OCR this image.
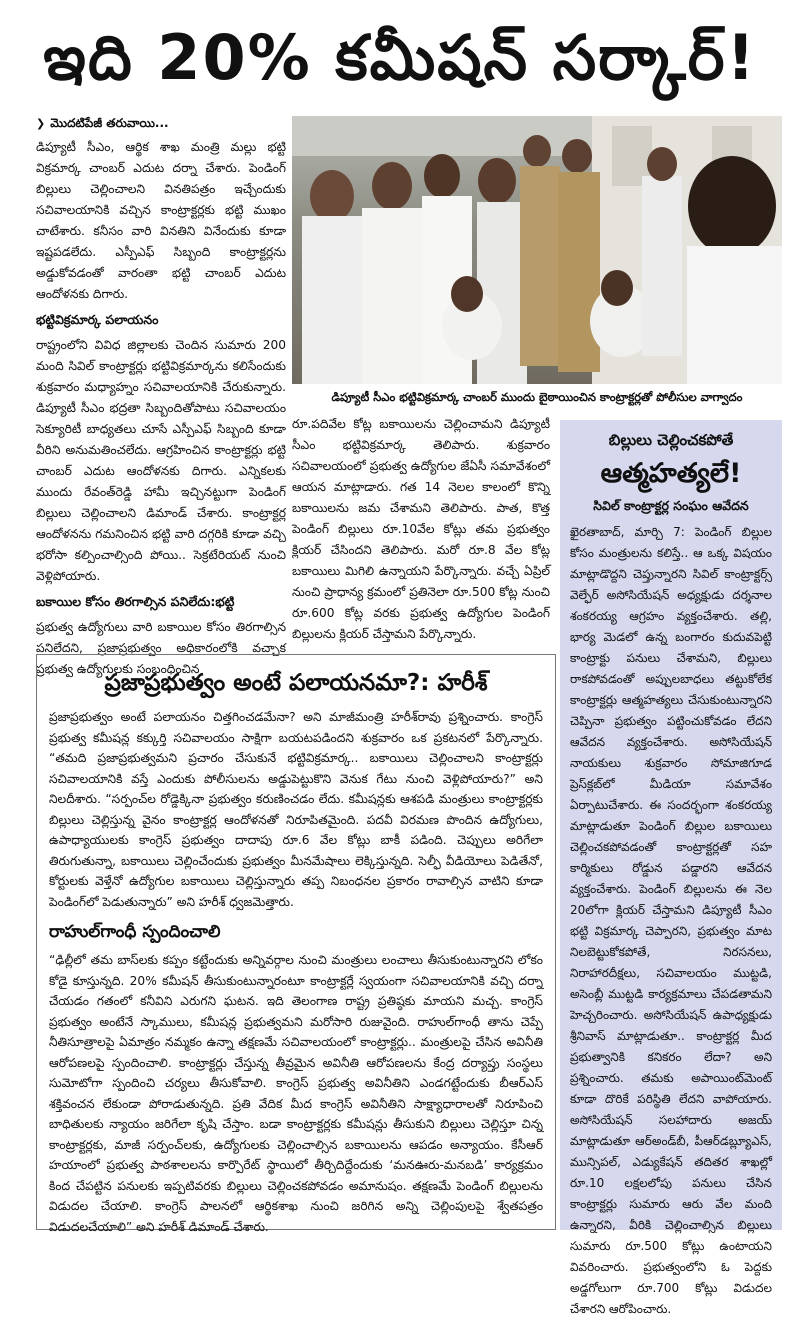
ఇది 20% కమీషన్ సర్కార్!
❯ మొదటిపేజీ తరువాయి...

డిప్యూటీ సీఎం, ఆర్థిక శాఖ మంత్రి మల్లు భట్టి విక్రమార్క చాంబర్ ఎదుట దర్నా చేశారు. పెండింగ్ బిల్లులు చెల్లించాలని వినతిపత్రం ఇచ్చేందుకు సచివాలయానికి వచ్చిన కాంట్రాక్టర్లకు భట్టి ముఖం చాటేశారు. కనీసం వారి వినతిని వినేందుకు కూడా ఇష్టపడలేదు. ఎస్పీఎఫ్ సిబ్బంది కాంట్రాక్టర్లను అడ్డుకోవడంతో వారంతా భట్టి చాంబర్ ఎదుట ఆందోళనకు దిగారు.

భట్టివిక్రమార్క పలాయనం

రాష్ట్రంలోని వివిధ జిల్లాలకు చెందిన సుమారు 200 మంది సివిల్ కాంట్రాక్టర్లు భట్టివిక్రమార్కను కలిసేందుకు శుక్రవారం మధ్యాహ్నం సచివాలయానికి చేరుకున్నారు. డిప్యూటీ సీఎం భద్రతా సిబ్బందితోపాటు సచివాలయం సెక్యూరిటీ బాధ్యతలు చూసే ఎస్పీఎఫ్ సిబ్బంది కూడా వీరిని అనుమతించలేదు. ఆగ్రహించిన కాంట్రాక్టర్లు భట్టి చాంబర్ ఎదుట ఆందోళనకు దిగారు. ఎన్నికలకు ముందు రేవంత్‌రెడ్డి హామీ ఇచ్చినట్టుగా పెండింగ్ బిల్లులు చెల్లించాలని డిమాండ్ చేశారు. కాంట్రాక్టర్ల ఆందోళనను గమనించిన భట్టి వారి దగ్గరికి కూడా వచ్చి భరోసా కల్పించాల్సింది పోయి.. సెక్రటేరియట్ నుంచి వెళ్లిపోయారు.

బకాయిల కోసం తిరగాల్సిన పనిలేదు:భట్టి

ప్రభుత్వ ఉద్యోగులు వారి బకాయిల కోసం తిరగాల్సిన పనిలేదని, ప్రజాప్రభుత్వం అధికారంలోకి వచ్చాక ప్రభుత్వ ఉద్యోగులకు సంబంధించిన

డిప్యూటీ సీఎం భట్టివిక్రమార్క చాంబర్ ముందు బైఠాయించిన కాంట్రాక్టర్లతో పోలీసుల వాగ్వాదం

రూ.పదివేల కోట్ల బకాయిలను చెల్లించామని డిప్యూటీ సీఎం భట్టివిక్రమార్క తెలిపారు. శుక్రవారం సచివాలయంలో ప్రభుత్వ ఉద్యోగుల జేఏసీ సమావేశంలో ఆయన మాట్లాడారు. గత 14 నెలల కాలంలో కొన్ని బకాయిలను జమ చేశామని తెలిపారు. పాత, కొత్త పెండింగ్ బిల్లులు రూ.10వేల కోట్లు తమ ప్రభుత్వం క్లియర్ చేసిందని తెలిపారు. మరో రూ.8 వేల కోట్ల బకాయిలు మిగిలి ఉన్నాయని పేర్కొన్నారు. వచ్చే ఏప్రిల్ నుంచి ప్రాధాన్య క్రమంలో ప్రతినెలా రూ.500 కోట్ల నుంచి రూ.600 కోట్ల వరకు ప్రభుత్వ ఉద్యోగుల పెండింగ్ బిల్లులను క్లియర్ చేస్తామని పేర్కొన్నారు.

బిల్లులు చెల్లించకపోతే
ఆత్మహత్యలే!
సివిల్ కాంట్రాక్టర్ల సంఘం ఆవేదన

ఖైరతాబాద్, మార్చి 7: పెండింగ్ బిల్లుల కోసం మంత్రులను కలిస్తే.. ఆ ఒక్క విషయం మాట్లాడొద్దని చెప్తున్నారని సివిల్ కాంట్రాక్టర్స్ వెల్ఫేర్ అసోసియేషన్ అధ్యక్షుడు దర్శనాల శంకరయ్య ఆగ్రహం వ్యక్తంచేశారు. తల్లి, భార్య మెడలో ఉన్న బంగారం కుదువపెట్టి కాంట్రాక్టు పనులు చేశామని, బిల్లులు రాకపోవడంతో అప్పులబాధలు తట్టుకోలేక కాంట్రాక్టర్లు ఆత్మహత్యలు చేసుకుంటున్నారని చెప్పినా ప్రభుత్వం పట్టించుకోవడం లేదని ఆవేదన వ్యక్తంచేశారు. అసోసియేషన్ నాయకులు శుక్రవారం సోమాజిగూడ ప్రెస్‌క్లబ్‌లో మీడియా సమావేశం ఏర్పాటుచేశారు. ఈ సందర్భంగా శంకరయ్య మాట్లాడుతూ పెండింగ్ బిల్లుల బకాయిలు చెల్లించకపోవడంతో కాంట్రాక్టర్లతో సహ కార్మికులు రోడ్డున పడ్డారని ఆవేదన వ్యక్తంచేశారు. పెండింగ్ బిల్లులను ఈ నెల 20లోగా క్లియర్ చేస్తామని డిప్యూటీ సీఎం భట్టి విక్రమార్క చెప్పారని, ప్రభుత్వం మాట నిలబెట్టుకోకపోతే, నిరసనలు, నిరాహారదీక్షలు, సచివాలయం ముట్టడి, అసెంబ్లీ ముట్టడి కార్యక్రమాలు చేపడతామని హెచ్చరించారు. అసోసియేషన్ ఉపాధ్యక్షుడు శ్రీనివాస్ మాట్లాడుతూ.. కాంట్రాక్టర్ల మీద ప్రభుత్వానికి కనికరం లేదా? అని ప్రశ్నించారు. తమకు అపాయింట్‌మెంట్ కూడా దొరికే పరిస్థితి లేదని వాపోయారు. అసోసియేషన్ సలహాదారు అజయ్ మాట్లాడుతూ ఆర్‌అండ్‌బీ, పీఆర్‌డబ్ల్యూఎస్, మున్సిపల్, ఎడ్యుకేషన్ తదితర శాఖల్లో రూ.10 లక్షలలోపు పనులు చేసిన కాంట్రాక్టర్లు సుమారు ఆరు వేల మంది ఉన్నారని, వీరికి చెల్లించాల్సిన బిల్లులు సుమారు రూ.500 కోట్లు ఉంటాయని వివరించారు. ప్రభుత్వంలోని ఓ పెద్దకు అడ్డగోలుగా రూ.700 కోట్లు విడుదల చేశారని ఆరోపించారు.

ప్రజాప్రభుత్వం అంటే పలాయనమా?: హరీశ్

ప్రజాప్రభుత్వం అంటే పలాయనం చిత్తగించడమేనా? అని మాజీమంత్రి హరీశ్‌రావు ప్రశ్నించారు. కాంగ్రెస్ ప్రభుత్వ కమీషన్ల కక్కుర్తి సచివాలయం సాక్షిగా బయటపడిందని శుక్రవారం ఒక ప్రకటనలో పేర్కొన్నారు. “తమది ప్రజాప్రభుత్వమని ప్రచారం చేసుకునే భట్టివిక్రమార్క.. బకాయిలు చెల్లించాలని కాంట్రాక్టర్లు సచివాలయానికి వస్తే ఎందుకు పోలీసులను అడ్డుపెట్టుకొని వెనుక గేటు నుంచి వెళ్లిపోయారు?” అని నిలదీశారు. “సర్పంచ్‌ల రోడ్డెక్కినా ప్రభుత్వం కరుణించడం లేదు. కమీషన్లకు ఆశపడి మంత్రులు కాంట్రాక్టర్లకు బిల్లులు చెల్లిస్తున్న వైనం కాంట్రాక్టర్ల ఆందోళనతో నిరూపితమైంది. పదవీ విరమణ పొందిన ఉద్యోగులు, ఉపాధ్యాయులకు కాంగ్రెస్ ప్రభుత్వం దాదాపు రూ.6 వేల కోట్లు బాకీ పడింది. చెప్పులు అరిగేలా తిరుగుతున్నా, బకాయిలు చెల్లించేందుకు ప్రభుత్వం మీనమేషాలు లెక్కిస్తున్నది. సెల్ఫీ వీడియోలు పెడితేనో, కోర్టులకు వెళ్తేనో ఉద్యోగుల బకాయిలు చెల్లిస్తున్నారు తప్ప నిబంధనల ప్రకారం రావాల్సిన వాటిని కూడా పెండింగ్‌లో పెడుతున్నారు” అని హరీశ్ ధ్వజమెత్తారు.

రాహుల్‌గాంధీ స్పందించాలి

“ఢిల్లీలో తమ బాస్‌లకు కప్పం కట్టేందుకు అన్నివర్గాల నుంచి మంత్రులు లంచాలు తీసుకుంటున్నారని లోకం కోడై కూస్తున్నది. 20% కమీషన్ తీసుకుంటున్నారంటూ కాంట్రాక్టర్లే స్వయంగా సచివాలయానికి వచ్చి దర్నా చేయడం గతంలో కనీవిని ఎరుగని ఘటన. ఇది తెలంగాణ రాష్ట్ర ప్రతిష్ఠకు మాయని మచ్చ. కాంగ్రెస్ ప్రభుత్వం అంటేనే స్కాములు, కమీషన్ల ప్రభుత్వమని మరోసారి రుజువైంది. రాహుల్‌గాంధీ తాను చెప్పే నీతిసూత్రాలపై ఏమాత్రం నమ్మకం ఉన్నా తక్షణమే సచివాలయంలో కాంట్రాక్టర్లు.. మంత్రులపై చేసిన అవినీతి ఆరోపణలపై స్పందించాలి. కాంట్రాక్టర్లు చేస్తున్న తీవ్రమైన అవినీతి ఆరోపణలను కేంద్ర దర్యాప్తు సంస్థలు సుమోటోగా స్పందించి చర్యలు తీసుకోవాలి. కాంగ్రెస్ ప్రభుత్వ అవినీతిని ఎండగట్టేందుకు బీఆర్‌ఎస్ శక్తివంచన లేకుండా పోరాడుతున్నది. ప్రతి వేదిక మీద కాంగ్రెస్ అవినీతిని సాక్ష్యాధారాలతో నిరూపించి బాధితులకు న్యాయం జరిగేలా కృషి చేస్తాం. బడా కాంట్రాక్టర్లకు కమీషన్లు తీసుకుని బిల్లులు చెల్లిస్తూ చిన్న కాంట్రాక్టర్లకు, మాజీ సర్పంచ్‌లకు, ఉద్యోగులకు చెల్లించాల్సిన బకాయిలను ఆపడం అన్యాయం. కేసీఆర్ హయాంలో ప్రభుత్వ పాఠశాలలను కార్పొరేట్ స్థాయిలో తీర్చిదిద్దేందుకు ‘మనఊరు-మనబడి’ కార్యక్రమం కింద చేపట్టిన పనులకు ఇప్పటివరకు బిల్లులు చెల్లించకపోవడం అమానుషం. తక్షణమే పెండింగ్ బిల్లులను విడుదల చేయాలి. కాంగ్రెస్ పాలనలో ఆర్థికశాఖ నుంచి జరిగిన అన్ని చెల్లింపులపై శ్వేతపత్రం విడుదలచేయాలి” అని హరీశ్ డిమాండ్ చేశారు.
